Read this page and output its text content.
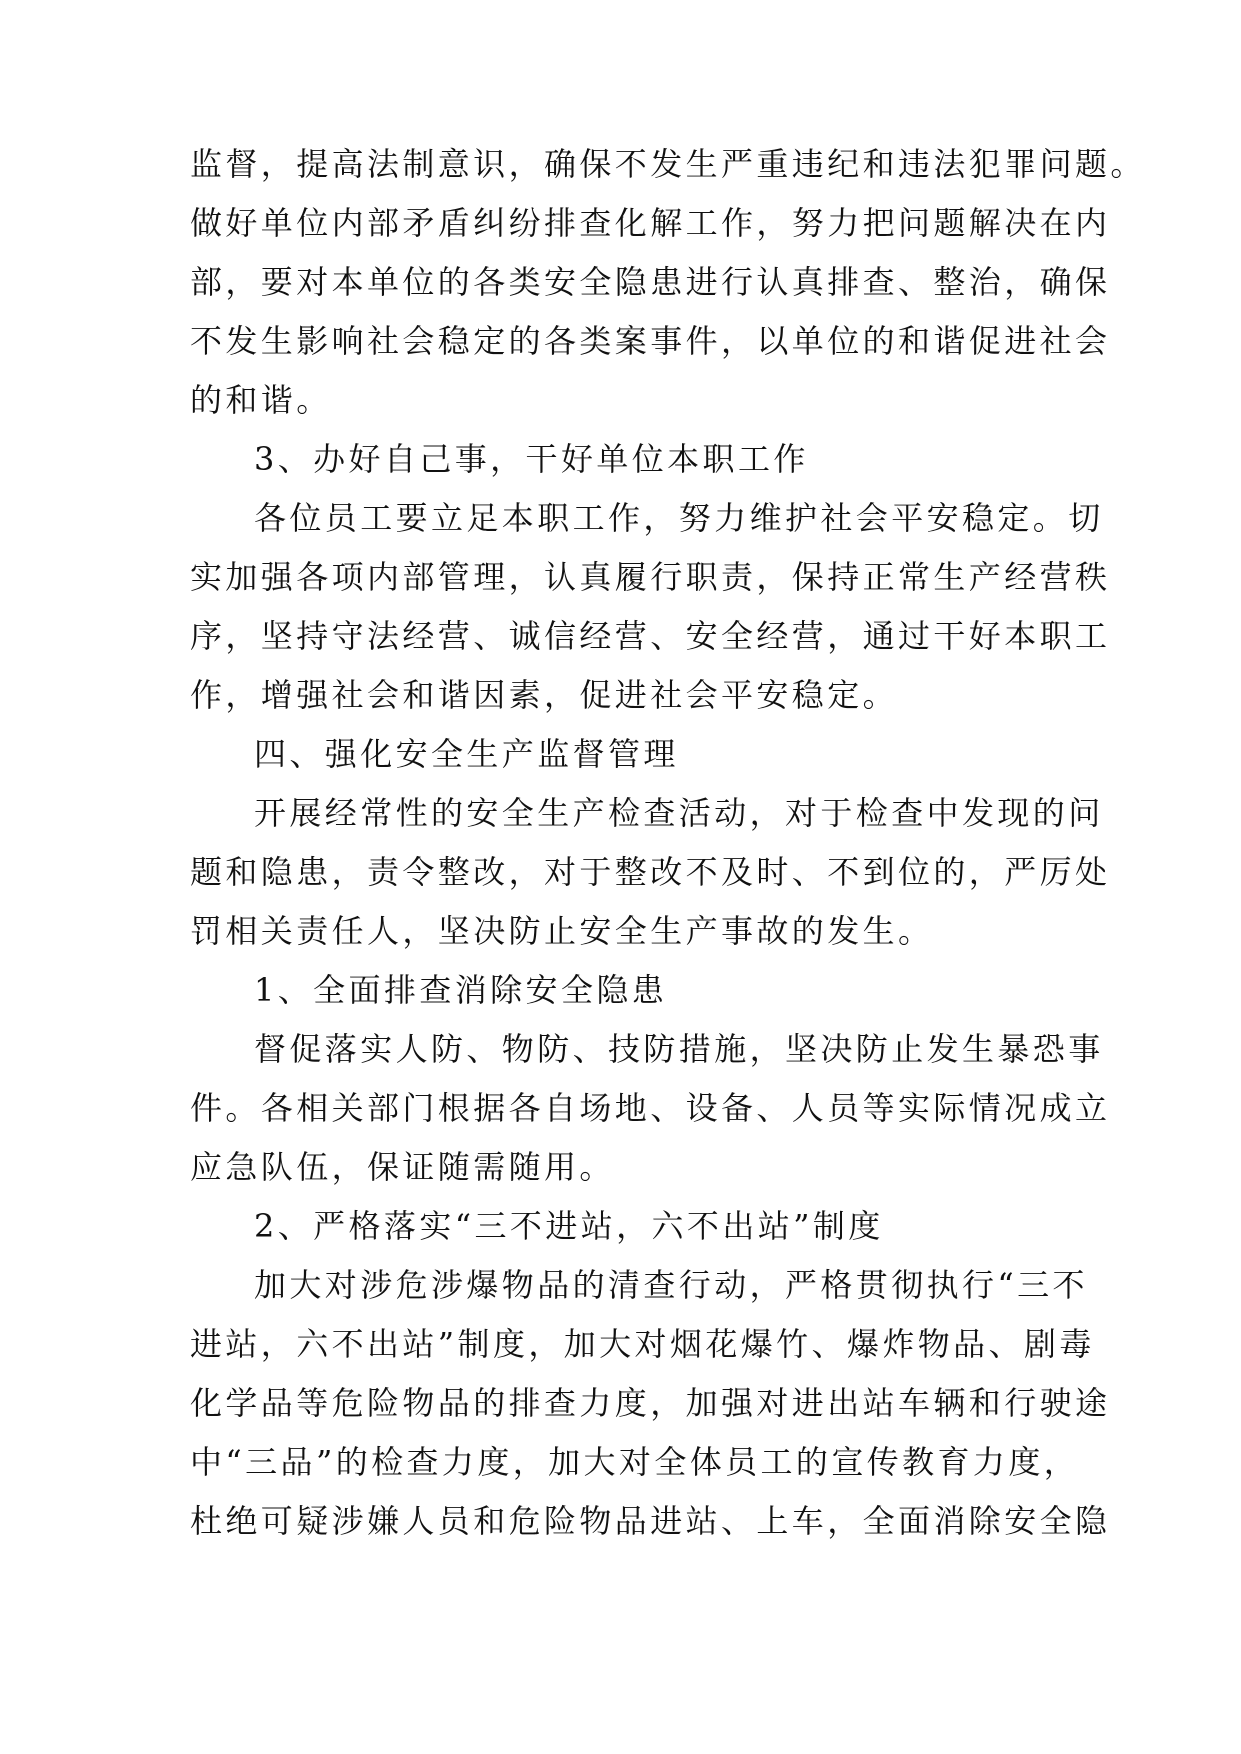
监督，提高法制意识，确保不发生严重违纪和违法犯罪问题。
做好单位内部矛盾纠纷排查化解工作，努力把问题解决在内
部，要对本单位的各类安全隐患进行认真排查、整治，确保
不发生影响社会稳定的各类案事件，以单位的和谐促进社会
的和谐。
3、办好自己事，干好单位本职工作
各位员工要立足本职工作，努力维护社会平安稳定。切
实加强各项内部管理，认真履行职责，保持正常生产经营秩
序，坚持守法经营、诚信经营、安全经营，通过干好本职工
作，增强社会和谐因素，促进社会平安稳定。
四、强化安全生产监督管理
开展经常性的安全生产检查活动，对于检查中发现的问
题和隐患，责令整改，对于整改不及时、不到位的，严厉处
罚相关责任人，坚决防止安全生产事故的发生。
1、全面排查消除安全隐患
督促落实人防、物防、技防措施，坚决防止发生暴恐事
件。各相关部门根据各自场地、设备、人员等实际情况成立
应急队伍，保证随需随用。
2、严格落实“三不进站，六不出站”制度
加大对涉危涉爆物品的清查行动，严格贯彻执行“三不
进站，六不出站”制度，加大对烟花爆竹、爆炸物品、剧毒
化学品等危险物品的排查力度，加强对进出站车辆和行驶途
中“三品”的检查力度，加大对全体员工的宣传教育力度，
杜绝可疑涉嫌人员和危险物品进站、上车，全面消除安全隐
